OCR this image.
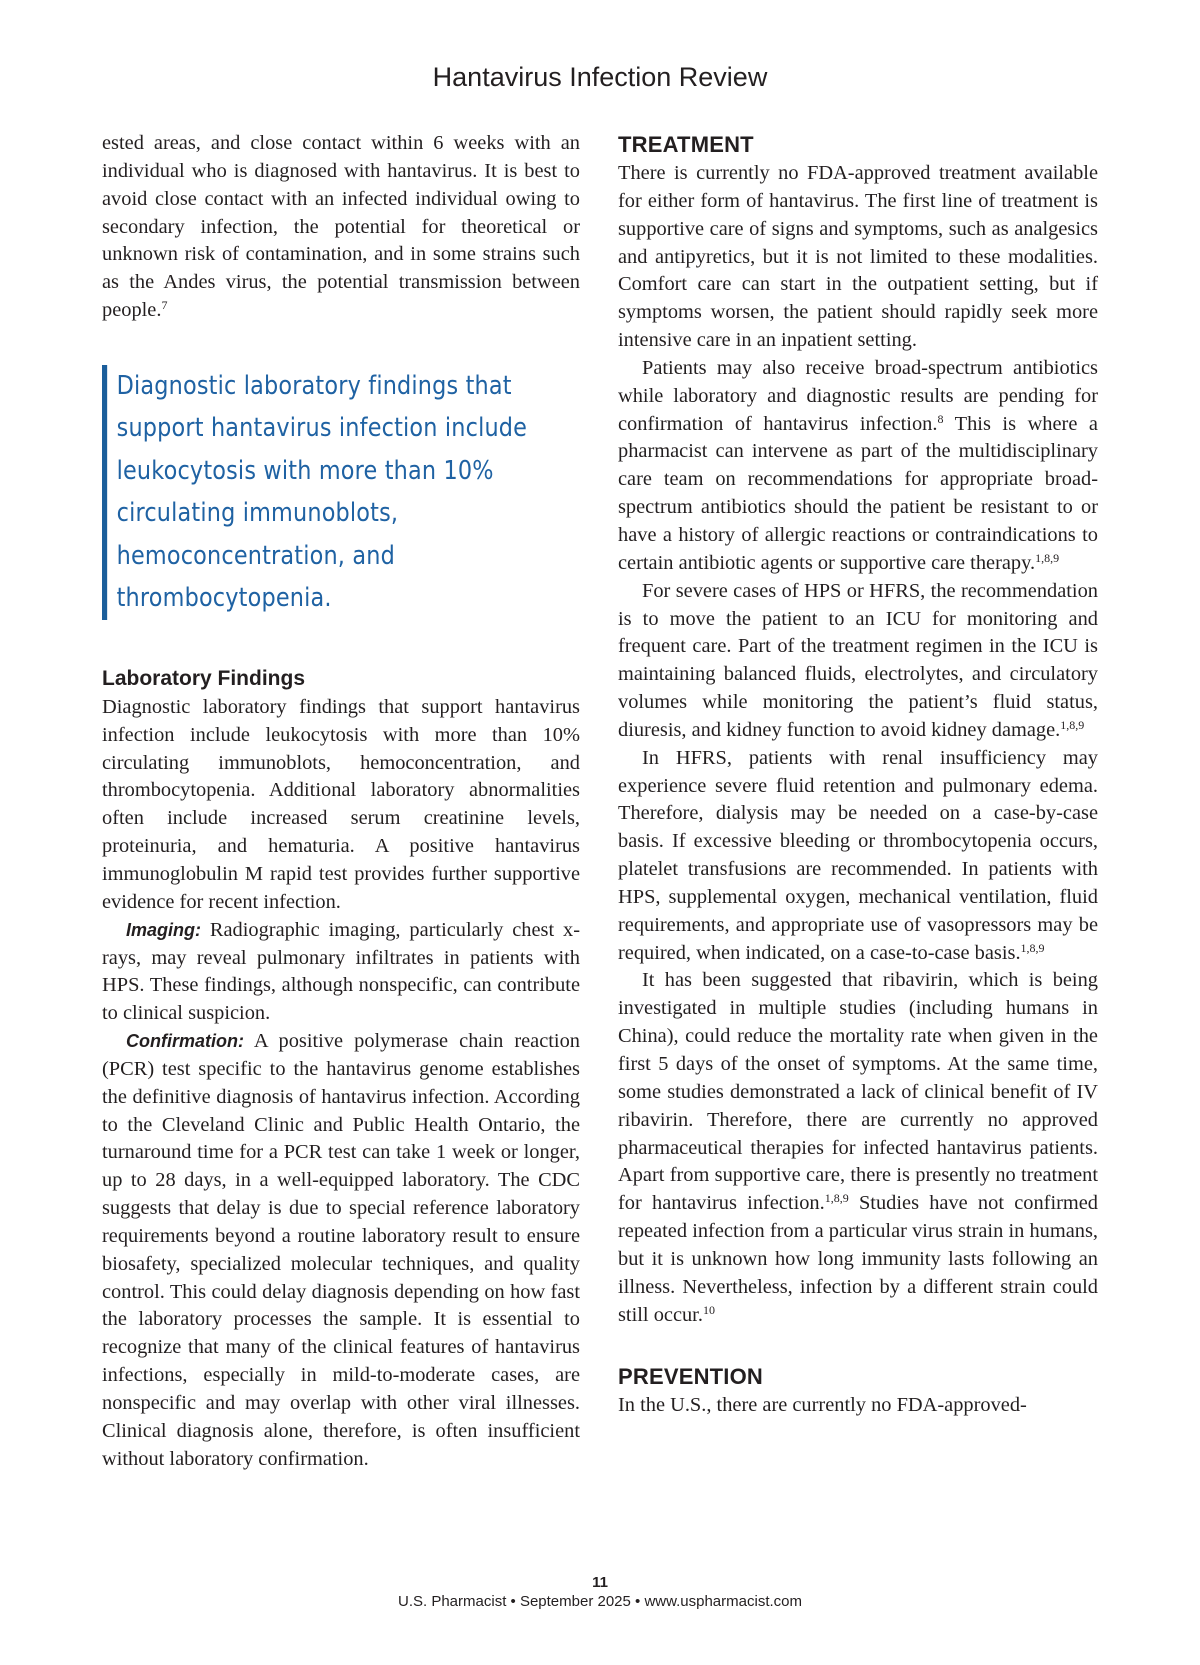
Hantavirus Infection Review

ested areas, and close contact within 6 weeks with an individual who is diagnosed with hantavirus. It is best to avoid close contact with an infected individual owing to secondary infection, the potential for theoretical or unknown risk of contamination, and in some strains such as the Andes virus, the potential transmission between people.$^7$

Diagnostic laboratory findings that support hantavirus infection include leukocytosis with more than 10% circulating immunoblots, hemoconcentration, and thrombocytopenia.
Laboratory Findings

Diagnostic laboratory findings that support hantavirus infection include leukocytosis with more than 10% circulating immunoblots, hemoconcentration, and thrombocytopenia. Additional laboratory abnormalities often include increased serum creatinine levels, proteinuria, and hematuria. A positive hantavirus immunoglobulin M rapid test provides further supportive evidence for recent infection.

Imaging: Radiographic imaging, particularly chest x-rays, may reveal pulmonary infiltrates in patients with HPS. These findings, although nonspecific, can contribute to clinical suspicion.

Confirmation: A positive polymerase chain reaction (PCR) test specific to the hantavirus genome establishes the definitive diagnosis of hantavirus infection. According to the Cleveland Clinic and Public Health Ontario, the turnaround time for a PCR test can take 1 week or longer, up to 28 days, in a well-equipped laboratory. The CDC suggests that delay is due to special reference laboratory requirements beyond a routine laboratory result to ensure biosafety, specialized molecular techniques, and quality control. This could delay diagnosis depending on how fast the laboratory processes the sample. It is essential to recognize that many of the clinical features of hantavirus infections, especially in mild-to-moderate cases, are nonspecific and may overlap with other viral illnesses. Clinical diagnosis alone, therefore, is often insufficient without laboratory confirmation.

TREATMENT

There is currently no FDA-approved treatment available for either form of hantavirus. The first line of treatment is supportive care of signs and symptoms, such as analgesics and antipyretics, but it is not limited to these modalities. Comfort care can start in the outpatient setting, but if symptoms worsen, the patient should rapidly seek more intensive care in an inpatient setting.

Patients may also receive broad-spectrum antibiotics while laboratory and diagnostic results are pending for confirmation of hantavirus infection.$^8$ This is where a pharmacist can intervene as part of the multidisciplinary care team on recommendations for appropriate broad-spectrum antibiotics should the patient be resistant to or have a history of allergic reactions or contraindications to certain antibiotic agents or supportive care therapy.$^{1,8,9}$

For severe cases of HPS or HFRS, the recommendation is to move the patient to an ICU for monitoring and frequent care. Part of the treatment regimen in the ICU is maintaining balanced fluids, electrolytes, and circulatory volumes while monitoring the patient’s fluid status, diuresis, and kidney function to avoid kidney damage.$^{1,8,9}$

In HFRS, patients with renal insufficiency may experience severe fluid retention and pulmonary edema. Therefore, dialysis may be needed on a case-by-case basis. If excessive bleeding or thrombocytopenia occurs, platelet transfusions are recommended. In patients with HPS, supplemental oxygen, mechanical ventilation, fluid requirements, and appropriate use of vasopressors may be required, when indicated, on a case-to-case basis.$^{1,8,9}$

It has been suggested that ribavirin, which is being investigated in multiple studies (including humans in China), could reduce the mortality rate when given in the first 5 days of the onset of symptoms. At the same time, some studies demonstrated a lack of clinical benefit of IV ribavirin. Therefore, there are currently no approved pharmaceutical therapies for infected hantavirus patients. Apart from supportive care, there is presently no treatment for hantavirus infection.$^{1,8,9}$ Studies have not confirmed repeated infection from a particular virus strain in humans, but it is unknown how long immunity lasts following an illness. Nevertheless, infection by a different strain could still occur.$^{10}$

PREVENTION

In the U.S., there are currently no FDA-approved-

11
U.S. Pharmacist • September 2025 • www.uspharmacist.com
